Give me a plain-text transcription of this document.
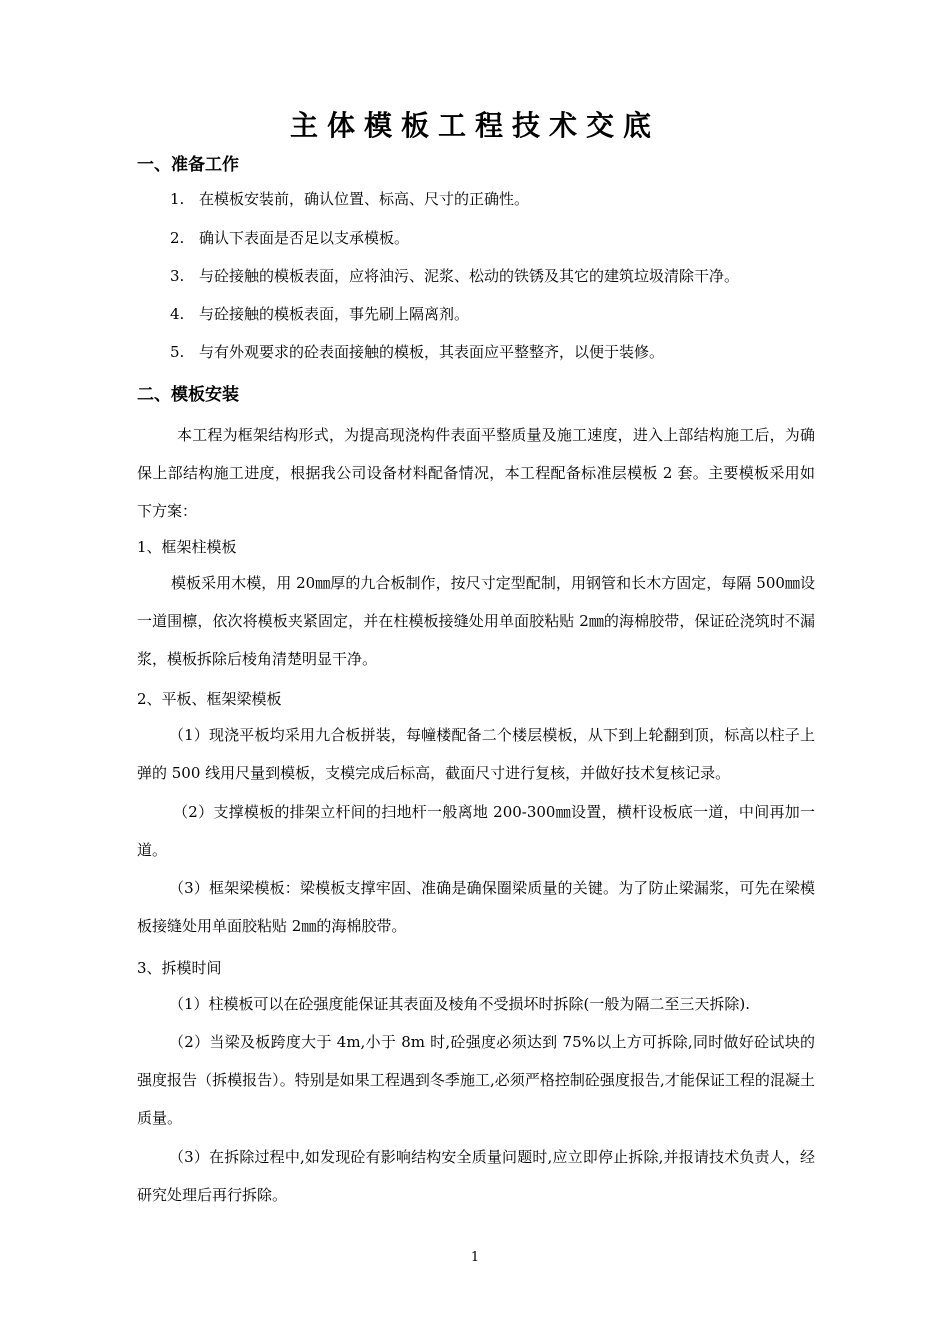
主体模板工程技术交底
一、准备工作
1. 在模板安装前，确认位置、标高、尺寸的正确性。
2. 确认下表面是否足以支承模板。
3. 与砼接触的模板表面，应将油污、泥浆、松动的铁锈及其它的建筑垃圾清除干净。
4. 与砼接触的模板表面，事先刷上隔离剂。
5. 与有外观要求的砼表面接触的模板，其表面应平整整齐，以便于装修。
二、模板安装
本工程为框架结构形式，为提高现浇构件表面平整质量及施工速度，进入上部结构施工后，为确保上部结构施工进度，根据我公司设备材料配备情况，本工程配备标准层模板 2 套。主要模板采用如下方案：
1、框架柱模板
模板采用木模，用 20㎜厚的九合板制作，按尺寸定型配制，用钢管和长木方固定，每隔 500㎜设一道围檩，依次将模板夹紧固定，并在柱模板接缝处用单面胶粘贴 2㎜的海棉胶带，保证砼浇筑时不漏浆，模板拆除后棱角清楚明显干净。
2、平板、框架梁模板
（1）现浇平板均采用九合板拼装，每幢楼配备二个楼层模板，从下到上轮翻到顶，标高以柱子上弹的 500 线用尺量到模板，支模完成后标高，截面尺寸进行复核，并做好技术复核记录。
（2）支撑模板的排架立杆间的扫地杆一般离地 200-300㎜设置，横杆设板底一道，中间再加一道。
（3）框架梁模板：梁模板支撑牢固、准确是确保圈梁质量的关键。为了防止梁漏浆，可先在梁模板接缝处用单面胶粘贴 2㎜的海棉胶带。
3、拆模时间
（1）柱模板可以在砼强度能保证其表面及棱角不受损坏时拆除(一般为隔二至三天拆除).
（2）当梁及板跨度大于 4m,小于 8m 时,砼强度必须达到 75%以上方可拆除,同时做好砼试块的强度报告（拆模报告）。特别是如果工程遇到冬季施工,必须严格控制砼强度报告,才能保证工程的混凝土质量。
（3）在拆除过程中,如发现砼有影响结构安全质量问题时,应立即停止拆除,并报请技术负责人，经研究处理后再行拆除。
1
